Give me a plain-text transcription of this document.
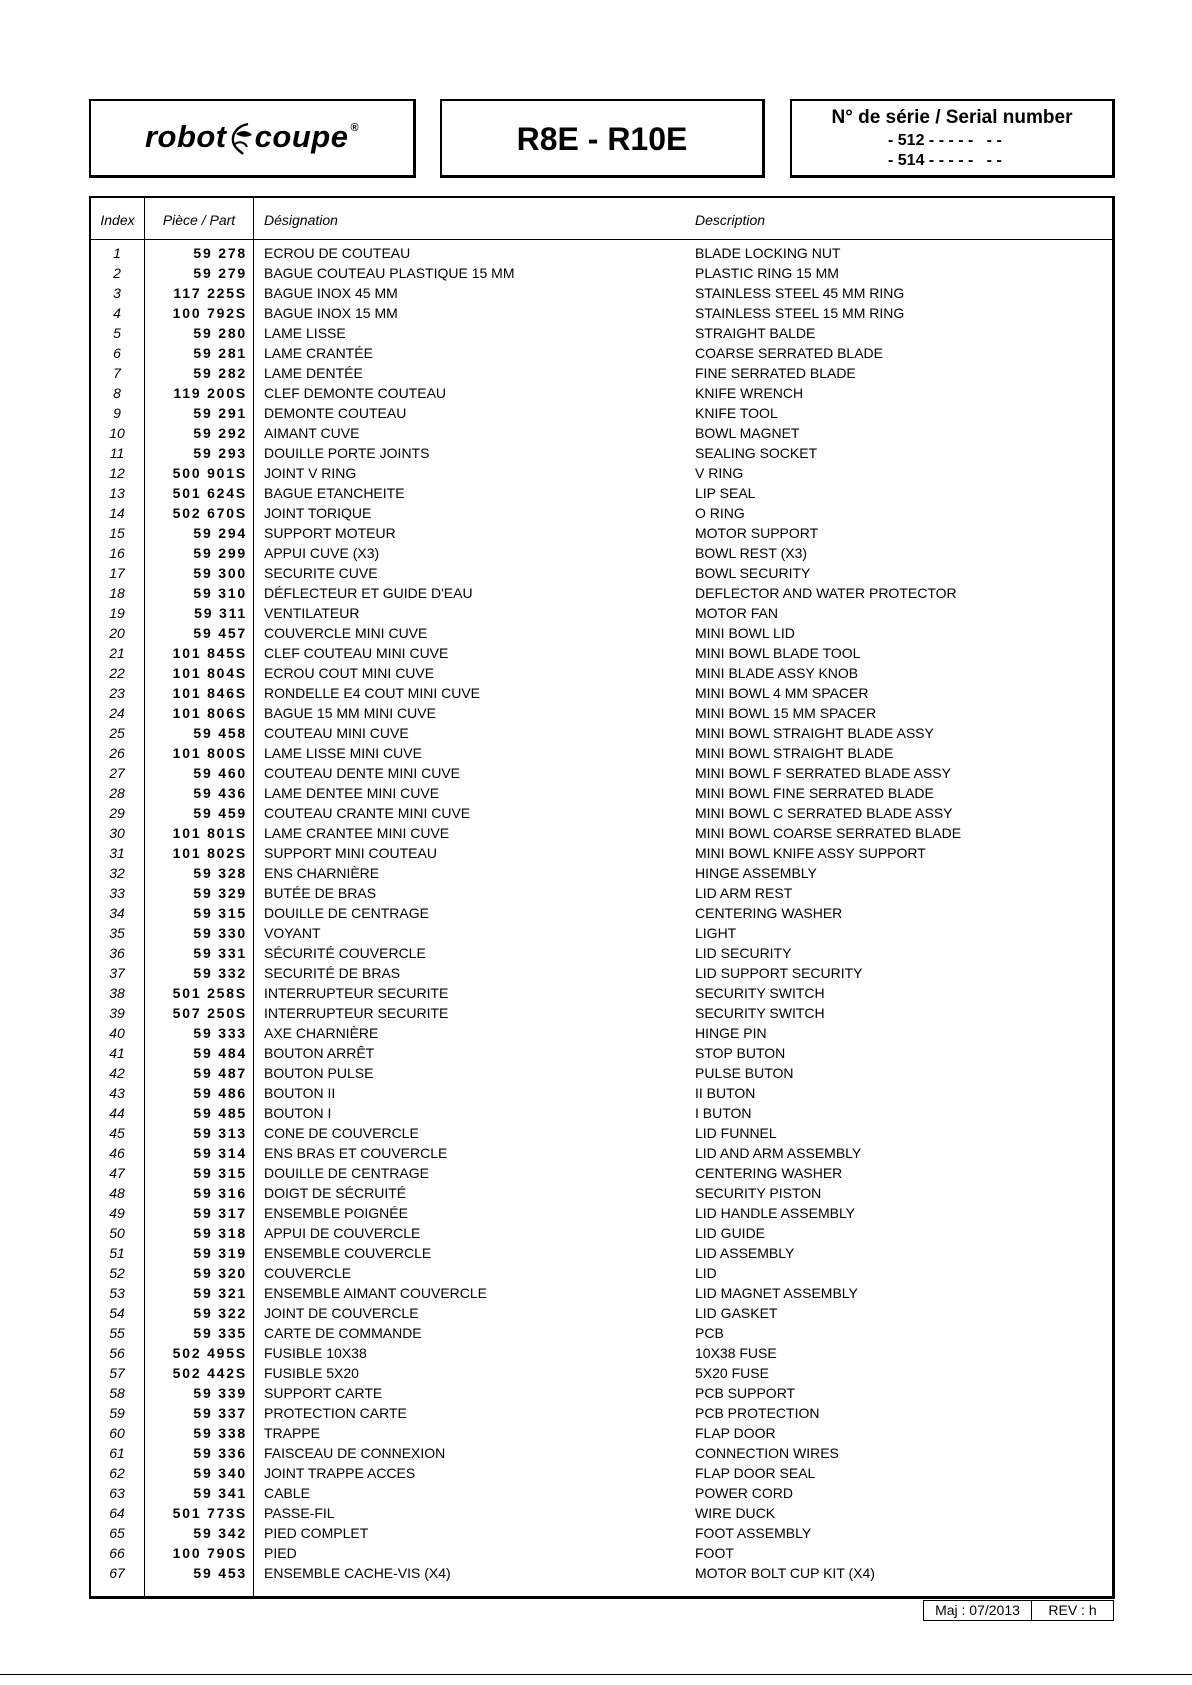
robot coupe ®	R8E - R10E
N° de série / Serial number
- 512 - - - - -   - -
- 514 - - - - -   - -
Index	Pièce / Part	Désignation	Description
1	59 278 ECROU DE COUTEAU	BLADE LOCKING NUT
2	59 279 BAGUE COUTEAU PLASTIQUE 15 MM	PLASTIC RING 15 MM
3	117 225S BAGUE INOX 45 MM	STAINLESS STEEL 45 MM RING
4	100 792S BAGUE INOX 15 MM	STAINLESS STEEL 15 MM RING
5	59 280 LAME LISSE	STRAIGHT BALDE
6	59 281 LAME CRANTÉE	COARSE SERRATED BLADE
7	59 282 LAME DENTÉE	FINE SERRATED BLADE
8	119 200S CLEF DEMONTE COUTEAU	KNIFE WRENCH
9	59 291 DEMONTE COUTEAU	KNIFE TOOL
10	59 292 AIMANT CUVE	BOWL MAGNET
11	59 293 DOUILLE PORTE JOINTS	SEALING SOCKET
12	500 901S JOINT V RING	V RING
13	501 624S BAGUE ETANCHEITE	LIP SEAL
14	502 670S JOINT TORIQUE	O RING
15	59 294 SUPPORT MOTEUR	MOTOR SUPPORT
16	59 299 APPUI CUVE (X3)	BOWL REST (X3)
17	59 300 SECURITE CUVE	BOWL SECURITY
18	59 310 DÉFLECTEUR ET GUIDE D'EAU	DEFLECTOR AND WATER PROTECTOR
19	59 311 VENTILATEUR	MOTOR FAN
20	59 457 COUVERCLE MINI CUVE	MINI BOWL LID
21	101 845S CLEF COUTEAU MINI CUVE	MINI BOWL BLADE TOOL
22	101 804S ECROU COUT MINI CUVE	MINI BLADE ASSY KNOB
23	101 846S RONDELLE E4 COUT MINI CUVE	MINI BOWL 4 MM SPACER
24	101 806S BAGUE 15 MM MINI CUVE	MINI BOWL 15 MM SPACER
25	59 458 COUTEAU MINI CUVE	MINI BOWL STRAIGHT BLADE ASSY
26	101 800S LAME LISSE MINI CUVE	MINI BOWL STRAIGHT BLADE
27	59 460 COUTEAU DENTE MINI CUVE	MINI BOWL F SERRATED BLADE ASSY
28	59 436 LAME DENTEE MINI CUVE	MINI BOWL FINE SERRATED BLADE
29	59 459 COUTEAU CRANTE MINI CUVE	MINI BOWL C SERRATED BLADE ASSY
30	101 801S LAME CRANTEE MINI CUVE	MINI BOWL COARSE SERRATED BLADE
31	101 802S SUPPORT MINI COUTEAU	MINI BOWL KNIFE ASSY SUPPORT
32	59 328 ENS CHARNIÈRE	HINGE ASSEMBLY
33	59 329 BUTÉE DE BRAS	LID ARM REST
34	59 315 DOUILLE DE CENTRAGE	CENTERING WASHER
35	59 330 VOYANT	LIGHT
36	59 331 SÉCURITÉ COUVERCLE	LID SECURITY
37	59 332 SECURITÉ DE BRAS	LID SUPPORT SECURITY
38	501 258S INTERRUPTEUR SECURITE	SECURITY SWITCH
39	507 250S INTERRUPTEUR SECURITE	SECURITY SWITCH
40	59 333 AXE CHARNIÈRE	HINGE PIN
41	59 484 BOUTON ARRÊT	STOP BUTON
42	59 487 BOUTON PULSE	PULSE BUTON
43	59 486 BOUTON II	II BUTON
44	59 485 BOUTON I	I BUTON
45	59 313 CONE DE COUVERCLE	LID FUNNEL
46	59 314 ENS BRAS ET COUVERCLE	LID AND ARM ASSEMBLY
47	59 315 DOUILLE DE CENTRAGE	CENTERING WASHER
48	59 316 DOIGT DE SÉCRUITÉ	SECURITY PISTON
49	59 317 ENSEMBLE POIGNÉE	LID HANDLE ASSEMBLY
50	59 318 APPUI DE COUVERCLE	LID GUIDE
51	59 319 ENSEMBLE COUVERCLE	LID ASSEMBLY
52	59 320 COUVERCLE	LID
53	59 321 ENSEMBLE AIMANT COUVERCLE	LID MAGNET ASSEMBLY
54	59 322 JOINT DE COUVERCLE	LID GASKET
55	59 335 CARTE DE COMMANDE	PCB
56	502 495S FUSIBLE 10X38	10X38 FUSE
57	502 442S FUSIBLE 5X20	5X20 FUSE
58	59 339 SUPPORT CARTE	PCB SUPPORT
59	59 337 PROTECTION CARTE	PCB PROTECTION
60	59 338 TRAPPE	FLAP DOOR
61	59 336 FAISCEAU DE CONNEXION	CONNECTION WIRES
62	59 340 JOINT TRAPPE ACCES	FLAP DOOR SEAL
63	59 341 CABLE	POWER CORD
64	501 773S PASSE-FIL	WIRE DUCK
65	59 342 PIED COMPLET	FOOT ASSEMBLY
66	100 790S PIED	FOOT
67	59 453 ENSEMBLE CACHE-VIS (X4)	MOTOR BOLT CUP KIT (X4)
Maj : 07/2013	REV : h
